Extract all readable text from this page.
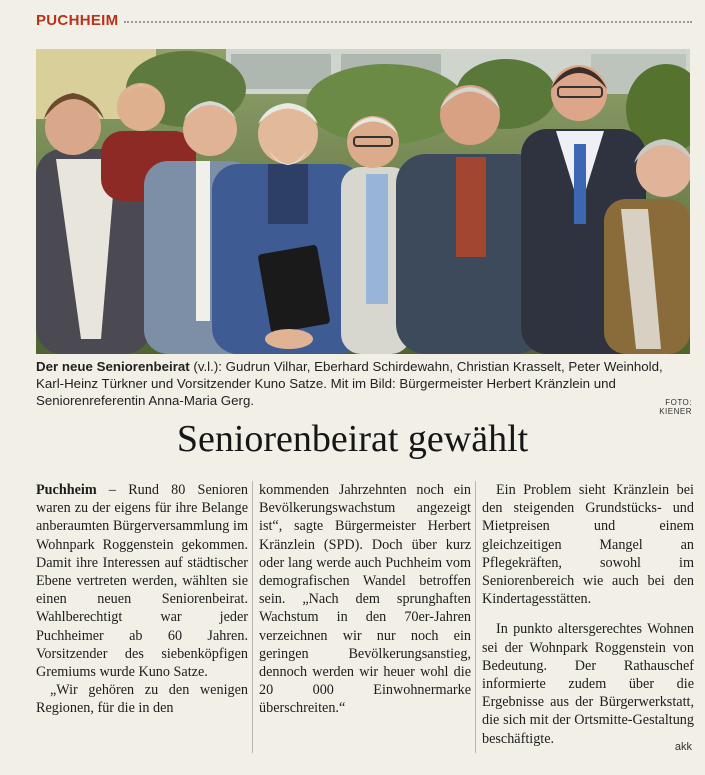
PUCHHEIM
Der neue Seniorenbeirat (v.l.): Gudrun Vilhar, Eberhard Schirdewahn, Christian Krasselt, Peter Weinhold, Karl-Heinz Türkner und Vorsitzender Kuno Satze. Mit im Bild: Bürgermeister Herbert Kränzlein und Seniorenreferentin Anna-Maria Gerg.	FOTO: KIENER
Seniorenbeirat gewählt

Puchheim – Rund 80 Senioren waren zu der eigens für ihre Belange anberaumten Bürgerversammlung im Wohnpark Roggenstein gekommen. Damit ihre Interessen auf städtischer Ebene vertreten werden, wählten sie einen neuen Seniorenbeirat. Wahlberechtigt war jeder Puchheimer ab 60 Jahren. Vorsitzender des siebenköpfigen Gremiums wurde Kuno Satze.

„Wir gehören zu den wenigen Regionen, für die in den

kommenden Jahrzehnten noch ein Bevölkerungswachstum angezeigt ist“, sagte Bürgermeister Herbert Kränzlein (SPD). Doch über kurz oder lang werde auch Puchheim vom demografischen Wandel betroffen sein. „Nach dem sprunghaften Wachstum in den 70er-Jahren verzeichnen wir nur noch ein geringen Bevölkerungsanstieg, dennoch werden wir heuer wohl die 20 000 Einwohnermarke überschreiten.“

Ein Problem sieht Kränzlein bei den steigenden Grundstücks- und Mietpreisen und einem gleichzeitigen Mangel an Pflegekräften, sowohl im Seniorenbereich wie auch bei den Kindertagesstätten.

In punkto altersgerechtes Wohnen sei der Wohnpark Roggenstein von Bedeutung. Der Rathauschef informierte zudem über die Ergebnisse aus der Bürgerwerkstatt, die sich mit der Ortsmitte-Gestaltung beschäftigte.

akk
